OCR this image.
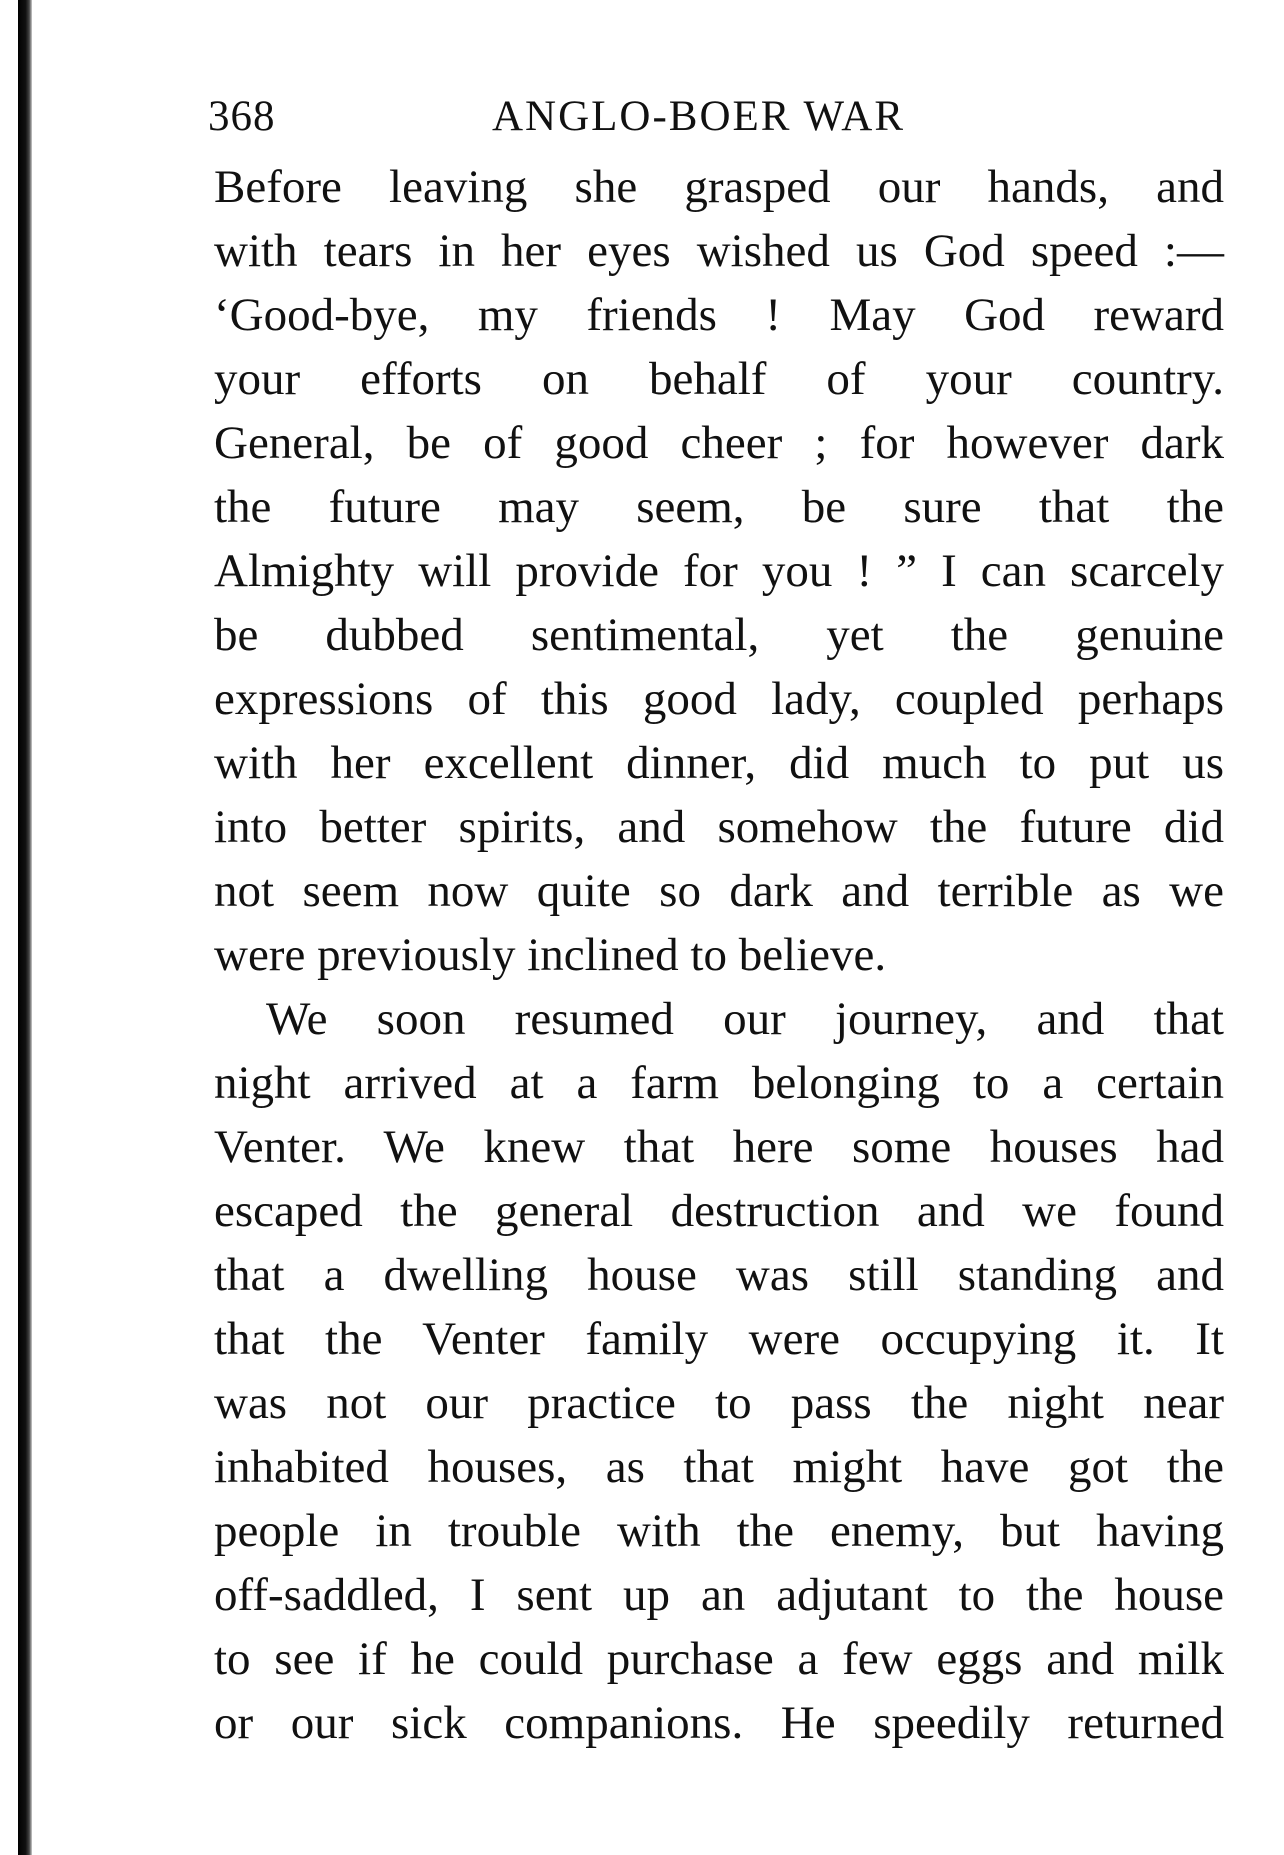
368	ANGLO-BOER WAR
Before leaving she grasped our hands, and
with tears in her eyes wished us God speed :—
‘Good-bye, my friends ! May God reward
your efforts on behalf of your country.
General, be of good cheer ; for however dark
the future may seem, be sure that the
Almighty will provide for you ! ” I can scarcely
be dubbed sentimental, yet the genuine
expressions of this good lady, coupled perhaps
with her excellent dinner, did much to put us
into better spirits, and somehow the future did
not seem now quite so dark and terrible as we
were previously inclined to believe.
We soon resumed our journey, and that
night arrived at a farm belonging to a certain
Venter. We knew that here some houses had
escaped the general destruction and we found
that a dwelling house was still standing and
that the Venter family were occupying it. It
was not our practice to pass the night near
inhabited houses, as that might have got the
people in trouble with the enemy, but having
off-saddled, I sent up an adjutant to the house
to see if he could purchase a few eggs and milk
or our sick companions. He speedily returned
